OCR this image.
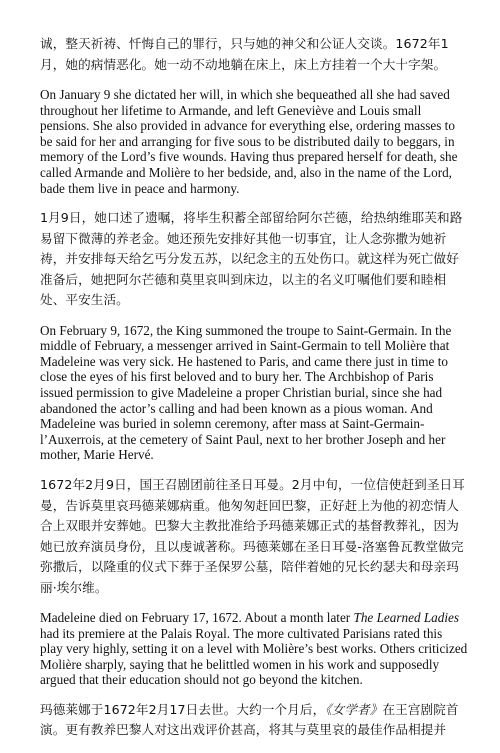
诚，整天祈祷、忏悔自己的罪行，只与她的神父和公证人交谈。1672年1月，她的病情恶化。她一动不动地躺在床上，床上方挂着一个大十字架。

On January 9 she dictated her will, in which she bequeathed all she had saved throughout her lifetime to Armande, and left Geneviève and Louis small pensions. She also provided in advance for everything else, ordering masses to be said for her and arranging for five sous to be distributed daily to beggars, in memory of the Lord’s five wounds. Having thus prepared herself for death, she called Armande and Molière to her bedside, and, also in the name of the Lord, bade them live in peace and harmony.

1月9日，她口述了遗嘱，将毕生积蓄全部留给阿尔芒德，给热纳维耶芙和路易留下微薄的养老金。她还预先安排好其他一切事宜，让人念弥撒为她祈祷，并安排每天给乞丐分发五苏，以纪念主的五处伤口。就这样为死亡做好准备后，她把阿尔芒德和莫里哀叫到床边，以主的名义叮嘱他们要和睦相处、平安生活。

On February 9, 1672, the King summoned the troupe to Saint-Germain. In the middle of February, a messenger arrived in Saint-Germain to tell Molière that Madeleine was very sick. He hastened to Paris, and came there just in time to close the eyes of his first beloved and to bury her. The Archbishop of Paris issued permission to give Madeleine a proper Christian burial, since she had abandoned the actor’s calling and had been known as a pious woman. And Madeleine was buried in solemn ceremony, after mass at Saint-Germain-l’Auxerrois, at the cemetery of Saint Paul, next to her brother Joseph and her mother, Marie Hervé.

1672年2月9日，国王召剧团前往圣日耳曼。2月中旬，一位信使赶到圣日耳曼，告诉莫里哀玛德莱娜病重。他匆匆赶回巴黎，正好赶上为他的初恋情人合上双眼并安葬她。巴黎大主教批准给予玛德莱娜正式的基督教葬礼，因为她已放弃演员身份，且以虔诚著称。玛德莱娜在圣日耳曼-洛塞鲁瓦教堂做完弥撒后，以隆重的仪式下葬于圣保罗公墓，陪伴着她的兄长约瑟夫和母亲玛丽·埃尔维。

Madeleine died on February 17, 1672. About a month later The Learned Ladies had its premiere at the Palais Royal. The more cultivated Parisians rated this play very highly, setting it on a level with Molière’s best works. Others criticized Molière sharply, saying that he belittled women in his work and supposedly argued that their education should not go beyond the kitchen.

玛德莱娜于1672年2月17日去世。大约一个月后，《女学者》在王宫剧院首演。更有教养巴黎人对这出戏评价甚高，将其与莫里哀的最佳作品相提并
